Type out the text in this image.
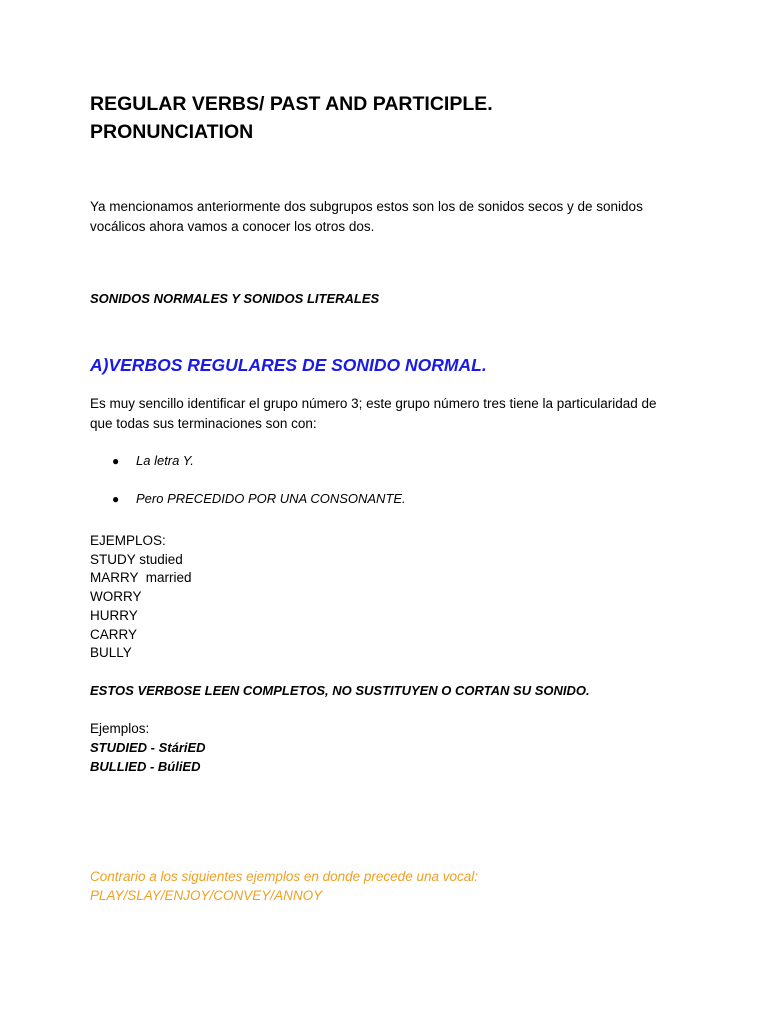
REGULAR VERBS/ PAST AND PARTICIPLE.
PRONUNCIATION
Ya mencionamos anteriormente dos subgrupos estos son los de sonidos secos y de sonidos
vocálicos ahora vamos a conocer los otros dos.
SONIDOS NORMALES Y SONIDOS LITERALES
A)VERBOS REGULARES DE SONIDO NORMAL.
Es muy sencillo identificar el grupo número 3; este grupo número tres tiene la particularidad de
que todas sus terminaciones son con:
● La letra Y.
● Pero PRECEDIDO POR UNA CONSONANTE.
EJEMPLOS:
STUDY studied
MARRY  married
WORRY
HURRY
CARRY
BULLY
ESTOS VERBOSE LEEN COMPLETOS, NO SUSTITUYEN O CORTAN SU SONIDO.
Ejemplos:
STUDIED - StáriED
BULLIED - BúliED
Contrario a los siguientes ejemplos en donde precede una vocal:
PLAY/SLAY/ENJOY/CONVEY/ANNOY
